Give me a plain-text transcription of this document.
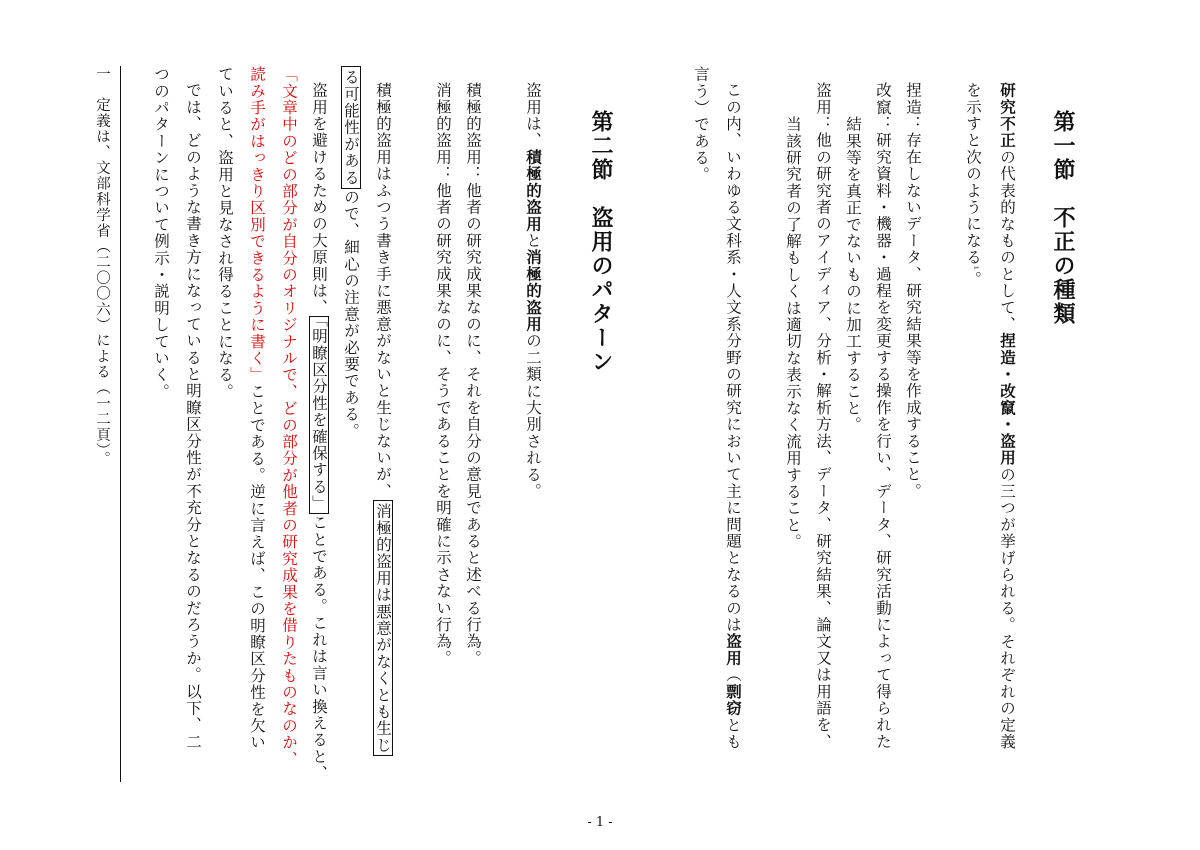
第一節　不正の種類
研究不正の代表的なものとして、捏造・改竄・盗用の三つが挙げられる。それぞれの定義
を示すと次のようになる¹。
捏造：存在しないデータ、研究結果等を作成すること。
改竄：研究資料・機器・過程を変更する操作を行い、データ、研究活動によって得られた
結果等を真正でないものに加工すること。
盗用：他の研究者のアイディア、分析・解析方法、データ、研究結果、論文又は用語を、
当該研究者の了解もしくは適切な表示なく流用すること。
この内、いわゆる文科系・人文系分野の研究において主に問題となるのは盗用（剽窃とも
言う）である。
第二節　盗用のパターン
盗用は、積極的盗用と消極的盗用の二類に大別される。
積極的盗用：他者の研究成果なのに、それを自分の意見であると述べる行為。
消極的盗用：他者の研究成果なのに、そうであることを明確に示さない行為。
積極的盗用はふつう書き手に悪意がないと生じないが、消極的盗用は悪意がなくとも生じ
る可能性があるので、細心の注意が必要である。
盗用を避けるための大原則は、「明瞭区分性を確保する」ことである。これは言い換えると、
「文章中のどの部分が自分のオリジナルで、どの部分が他者の研究成果を借りたものなのか、
読み手がはっきり区別できるように書く」ことである。逆に言えば、この明瞭区分性を欠い
ていると、盗用と見なされ得ることになる。
では、どのような書き方になっていると明瞭区分性が不充分となるのだろうか。以下、二
つのパターンについて例示・説明していく。
一　定義は、文部科学省（二〇〇六）による（一二頁）。
- 1 -
